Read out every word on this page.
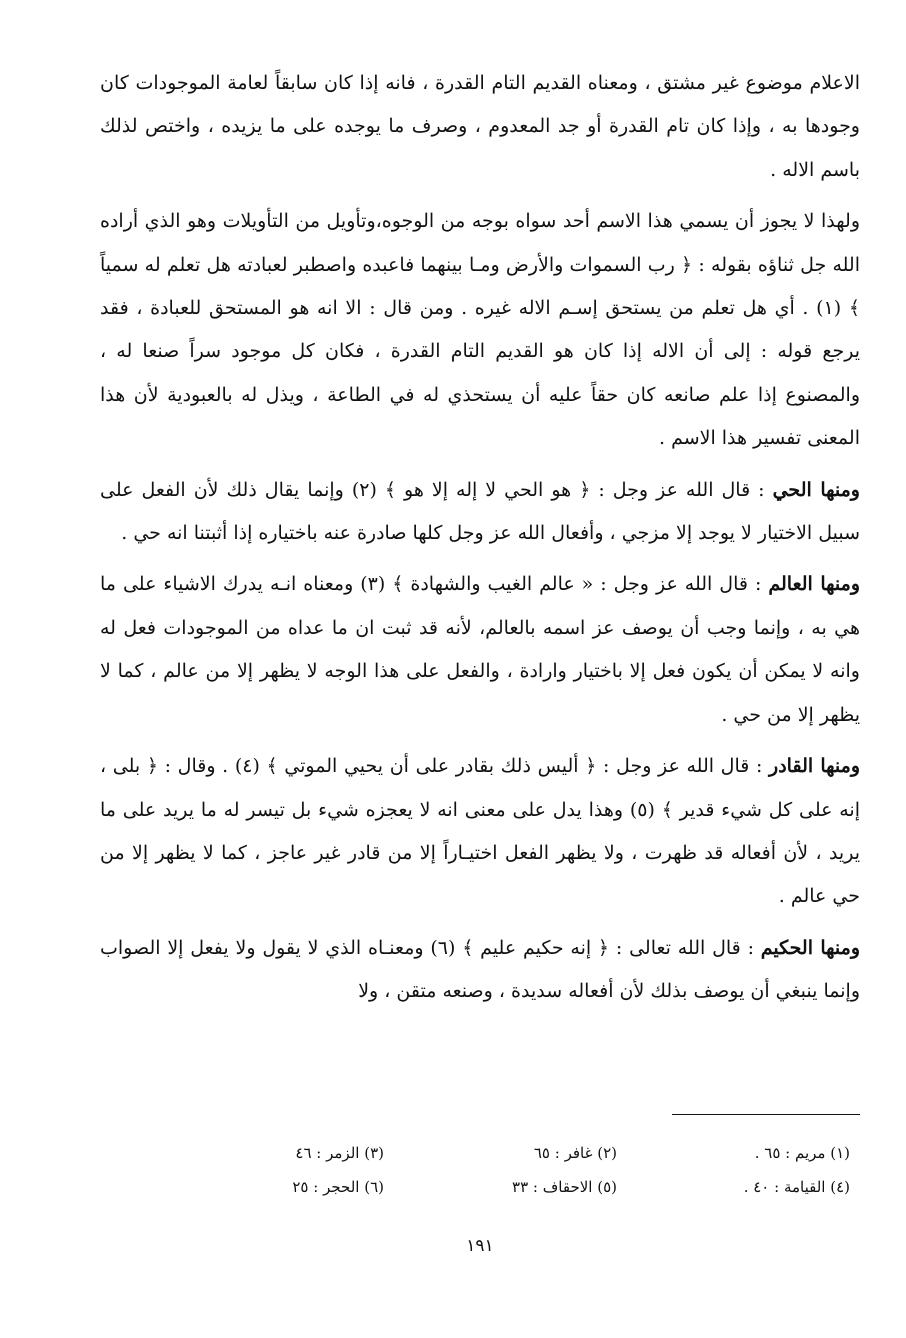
الاعلام موضوع غير مشتق ، ومعناه القديم التام القدرة ، فانه إذا كان سابقاً لعامة الموجودات كان وجودها به ، وإذا كان تام القدرة أو جد المعدوم ، وصرف ما يوجده على ما يزيده ، واختص لذلك باسم الاله .

ولهذا لا يجوز أن يسمي هذا الاسم أحد سواه بوجه من الوجوه،وتأويل من التأويلات وهو الذي أراده الله جل ثناؤه بقوله : ﴿ رب السموات والأرض ومـا بينهما فاعبده واصطبر لعبادته هل تعلم له سمياً ﴾ (١) . أي هل تعلم من يستحق إسـم الاله غيره . ومن قال : الا انه هو المستحق للعبادة ، فقد يرجع قوله : إلى أن الاله إذا كان هو القديم التام القدرة ، فكان كل موجود سراً صنعا له ، والمصنوع إذا علم صانعه كان حقاً عليه أن يستحذي له في الطاعة ، ويذل له بالعبودية لأن هذا المعنى تفسير هذا الاسم .

ومنها الحي : قال الله عز وجل : ﴿ هو الحي لا إله إلا هو ﴾ (٢) وإنما يقال ذلك لأن الفعل على سبيل الاختيار لا يوجد إلا مزجي ، وأفعال الله عز وجل كلها صادرة عنه باختياره إذا أثبتنا انه حي .

ومنها العالم : قال الله عز وجل : « عالم الغيب والشهادة ﴾ (٣) ومعناه انـه يدرك الاشياء على ما هي به ، وإنما وجب أن يوصف عز اسمه بالعالم، لأنه قد ثبت ان ما عداه من الموجودات فعل له وانه لا يمكن أن يكون فعل إلا باختيار وارادة ، والفعل على هذا الوجه لا يظهر إلا من عالم ، كما لا يظهر إلا من حي .

ومنها القادر : قال الله عز وجل : ﴿ أليس ذلك بقادر على أن يحيي الموتي ﴾ (٤) . وقال : ﴿ بلى ، إنه على كل شيء قدير ﴾ (٥) وهذا يدل على معنى انه لا يعجزه شيء بل تيسر له ما يريد على ما يريد ، لأن أفعاله قد ظهرت ، ولا يظهر الفعل اختيـاراً إلا من قادر غير عاجز ، كما لا يظهر إلا من حي عالم .

ومنها الحكيم : قال الله تعالى : ﴿ إنه حكيم عليم ﴾ (٦) ومعنـاه الذي لا يقول ولا يفعل إلا الصواب وإنما ينبغي أن يوصف بذلك لأن أفعاله سديدة ، وصنعه متقن ، ولا

(١) مريم : ٦٥ .
(٢) غافر : ٦٥
(٣) الزمر : ٤٦
(٤) القيامة : ٤٠ .
(٥) الاحقاف : ٣٣
(٦) الحجر : ٢٥
١٩١
